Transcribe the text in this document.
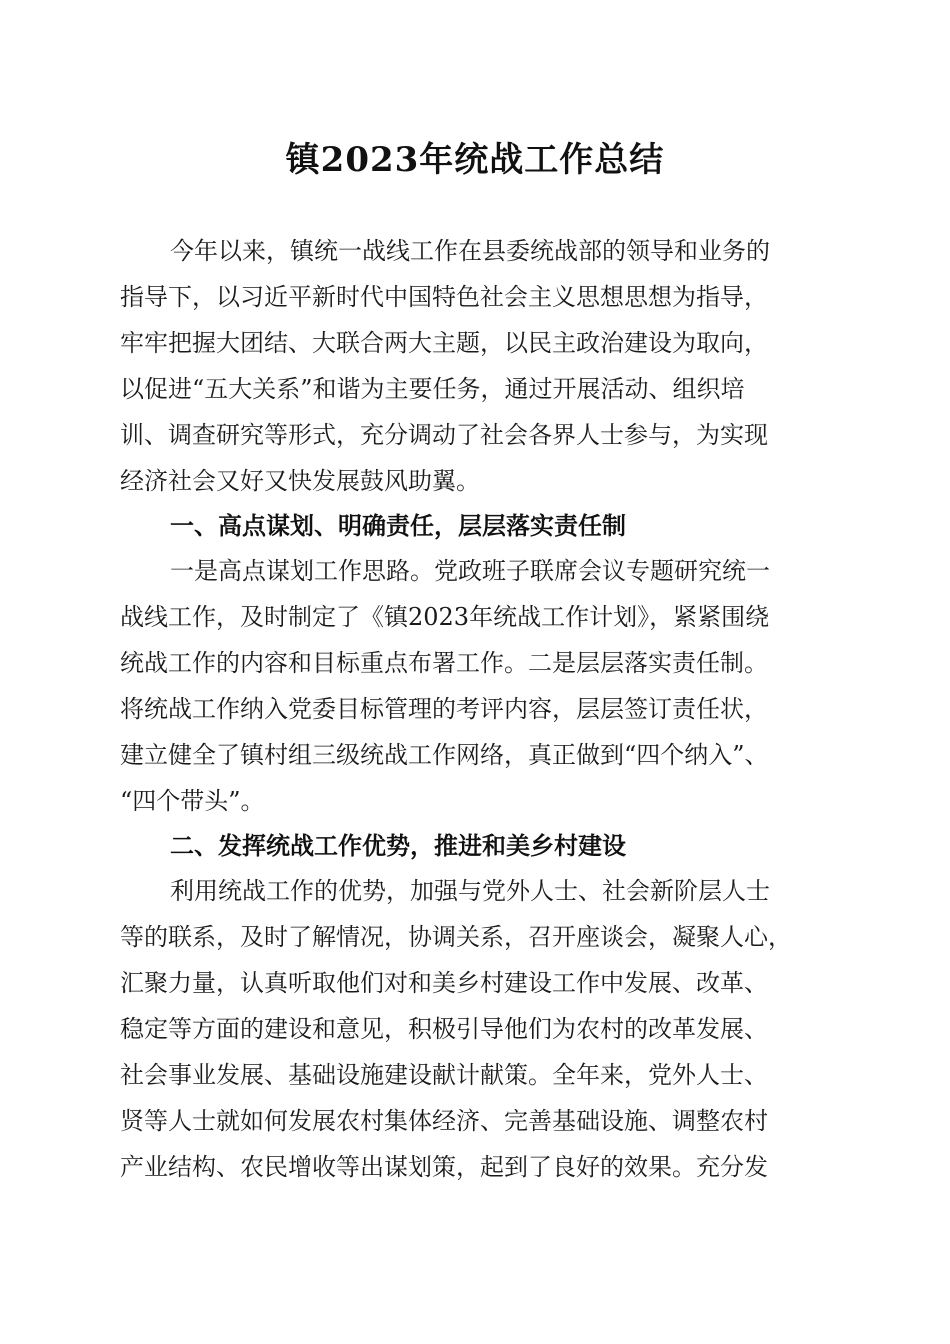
镇2023年统战工作总结
今年以来，镇统一战线工作在县委统战部的领导和业务的
指导下，以习近平新时代中国特色社会主义思想思想为指导，
牢牢把握大团结、大联合两大主题，以民主政治建设为取向，
以促进“五大关系”和谐为主要任务，通过开展活动、组织培
训、调查研究等形式，充分调动了社会各界人士参与，为实现
经济社会又好又快发展鼓风助翼。
一、高点谋划、明确责任，层层落实责任制
一是高点谋划工作思路。党政班子联席会议专题研究统一
战线工作，及时制定了《镇2023年统战工作计划》，紧紧围绕
统战工作的内容和目标重点布署工作。二是层层落实责任制。
将统战工作纳入党委目标管理的考评内容，层层签订责任状，
建立健全了镇村组三级统战工作网络，真正做到“四个纳入”、
“四个带头”。
二、发挥统战工作优势，推进和美乡村建设
利用统战工作的优势，加强与党外人士、社会新阶层人士
等的联系，及时了解情况，协调关系，召开座谈会，凝聚人心，
汇聚力量，认真听取他们对和美乡村建设工作中发展、改革、
稳定等方面的建设和意见，积极引导他们为农村的改革发展、
社会事业发展、基础设施建设献计献策。全年来，党外人士、
贤等人士就如何发展农村集体经济、完善基础设施、调整农村
产业结构、农民增收等出谋划策，起到了良好的效果。充分发
